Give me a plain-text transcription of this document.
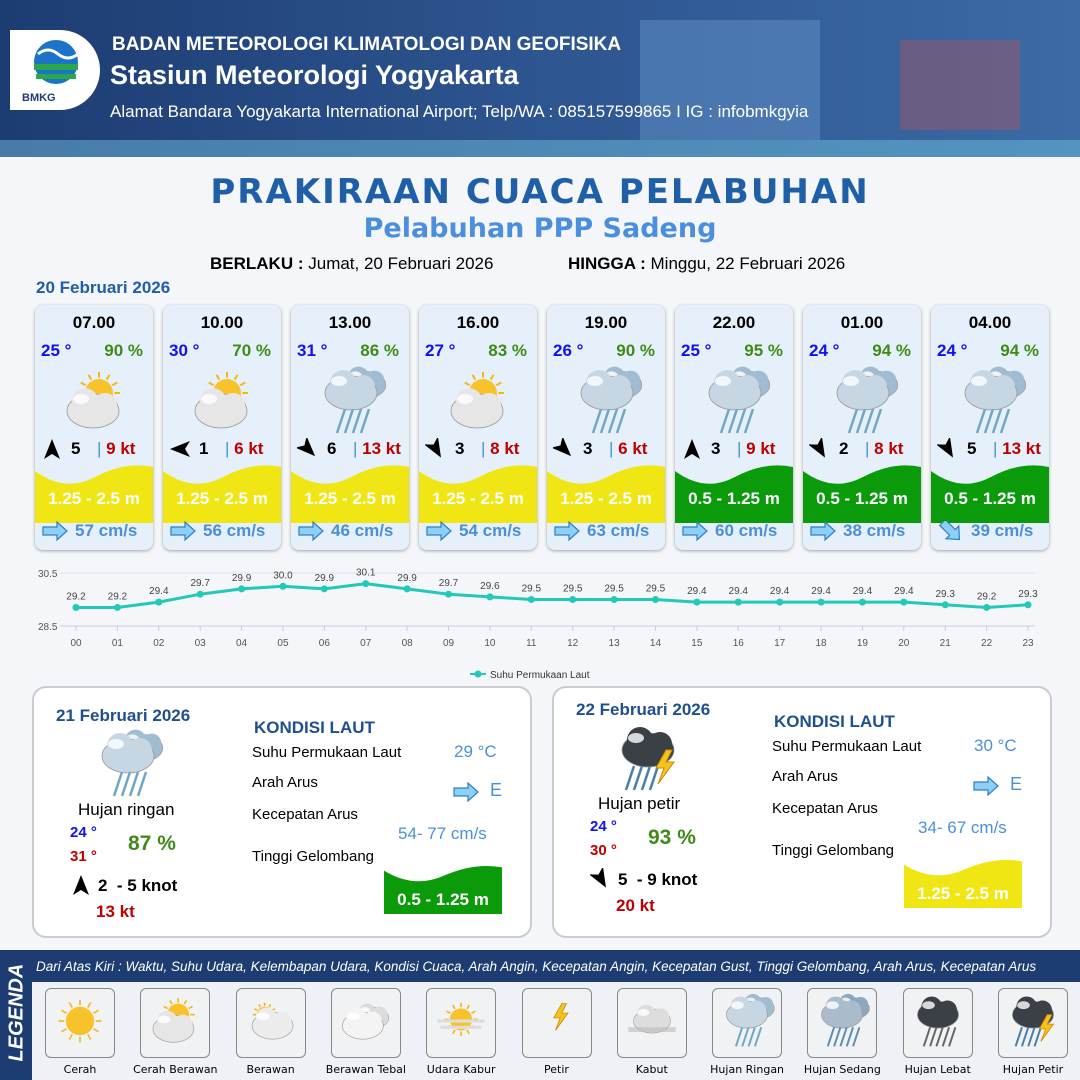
BMKG
BADAN METEOROLOGI KLIMATOLOGI DAN GEOFISIKA
Stasiun Meteorologi Yogyakarta
Alamat Bandara Yogyakarta International Airport; Telp/WA : 085157599865 I IG : infobmkgyia
PRAKIRAAN CUACA PELABUHAN
Pelabuhan PPP Sadeng
BERLAKU : Jumat, 20 Februari 2026	HINGGA : Minggu, 22 Februari 2026
20 Februari 2026
07.00
25 ° 90 %
5 | 9 kt
1.25 - 2.5 m
57 cm/s
10.00
30 ° 70 %
1 | 6 kt
1.25 - 2.5 m
56 cm/s
13.00
31 ° 86 %
6 | 13 kt
1.25 - 2.5 m
46 cm/s
16.00
27 ° 83 %
3 | 8 kt
1.25 - 2.5 m
54 cm/s
19.00
26 ° 90 %
3 | 6 kt
1.25 - 2.5 m
63 cm/s
22.00
25 ° 95 %
3 | 9 kt
0.5 - 1.25 m
60 cm/s
01.00
24 ° 94 %
2 | 8 kt
0.5 - 1.25 m
38 cm/s
04.00
24 ° 94 %
5 | 13 kt
0.5 - 1.25 m
39 cm/s
30.5
28.5
29.2
00
29.2
01
29.4
02
29.7
03
29.9
04
30.0
05
29.9
06
30.1
07
29.9
08
29.7
09
29.6
10
29.5
11
29.5
12
29.5
13
29.5
14
29.4
15
29.4
16
29.4
17
29.4
18
29.4
19
29.4
20
29.3
21
29.2
22
29.3
23
Suhu Permukaan Laut
21 Februari 2026
Hujan ringan
24 °
31 °
87 %
2  - 5 knot
13 kt
KONDISI LAUT
Suhu Permukaan Laut	29 °C
Arah Arus	E
Kecepatan Arus
54- 77 cm/s
Tinggi Gelombang
0.5 - 1.25 m
22 Februari 2026
Hujan petir
24 °
30 °
93 %
5  - 9 knot
20 kt
KONDISI LAUT
Suhu Permukaan Laut	30 °C
Arah Arus	E
Kecepatan Arus
34- 67 cm/s
Tinggi Gelombang
1.25 - 2.5 m
LEGENDA Dari Atas Kiri : Waktu, Suhu Udara, Kelembapan Udara, Kondisi Cuaca, Arah Angin, Kecepatan Angin, Kecepatan Gust, Tinggi Gelombang, Arah Arus, Kecepatan Arus
Cerah	Cerah Berawan	Berawan	Berawan Tebal	Udara Kabur	Petir	Kabut	Hujan Ringan	Hujan Sedang	Hujan Lebat	Hujan Petir
